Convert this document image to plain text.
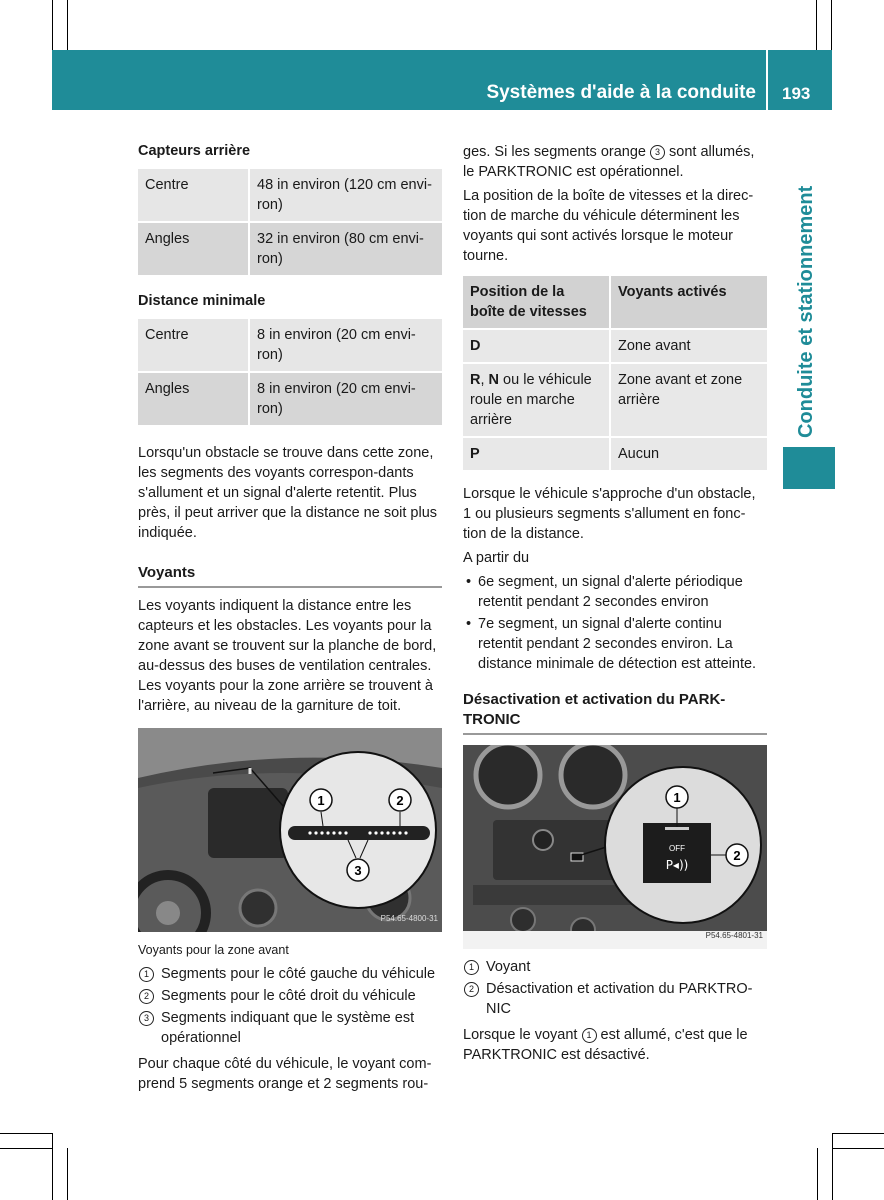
Systèmes d'aide à la conduite 193
Conduite et stationnement
Capteurs arrière
Centre	48 in environ (120 cm envi-ron)
Angles	32 in environ (80 cm envi-ron)
Distance minimale
Centre	8 in environ (20 cm envi-ron)
Angles	8 in environ (20 cm envi-ron)

Lorsqu'un obstacle se trouve dans cette zone, les segments des voyants correspon-dants s'allument et un signal d'alerte retentit. Plus près, il peut arriver que la distance ne soit plus indiquée.

Voyants

Les voyants indiquent la distance entre les capteurs et les obstacles. Les voyants pour la zone avant se trouvent sur la planche de bord, au-dessus des buses de ventilation centrales. Les voyants pour la zone arrière se trouvent à l'arrière, au niveau de la garniture de toit.

1	2
3
P54.65-4800-31
Voyants pour la zone avant
1 Segments pour le côté gauche du véhicule
2 Segments pour le côté droit du véhicule
3 Segments indiquant que le système est opérationnel

Pour chaque côté du véhicule, le voyant com-prend 5 segments orange et 2 segments rou-

ges. Si les segments orange 3 sont allumés, le PARKTRONIC est opérationnel.

La position de la boîte de vitesses et la direc-tion de marche du véhicule déterminent les voyants qui sont activés lorsque le moteur tourne.

Position de la boîte de vitesses	Voyants activés
D	Zone avant
R, N ou le véhicule roule en marche arrière	Zone avant et zone arrière
P	Aucun

Lorsque le véhicule s'approche d'un obstacle, 1 ou plusieurs segments s'allument en fonc-tion de la distance.

A partir du

• 6e segment, un signal d'alerte périodique retentit pendant 2 secondes environ
• 7e segment, un signal d'alerte continu retentit pendant 2 secondes environ. La distance minimale de détection est atteinte.
Désactivation et activation du PARK-TRONIC
OFF
P◂))
1
2
P54.65-4801-31
1 Voyant
2 Désactivation et activation du PARKTRO-NIC

Lorsque le voyant 1 est allumé, c'est que le PARKTRONIC est désactivé.
